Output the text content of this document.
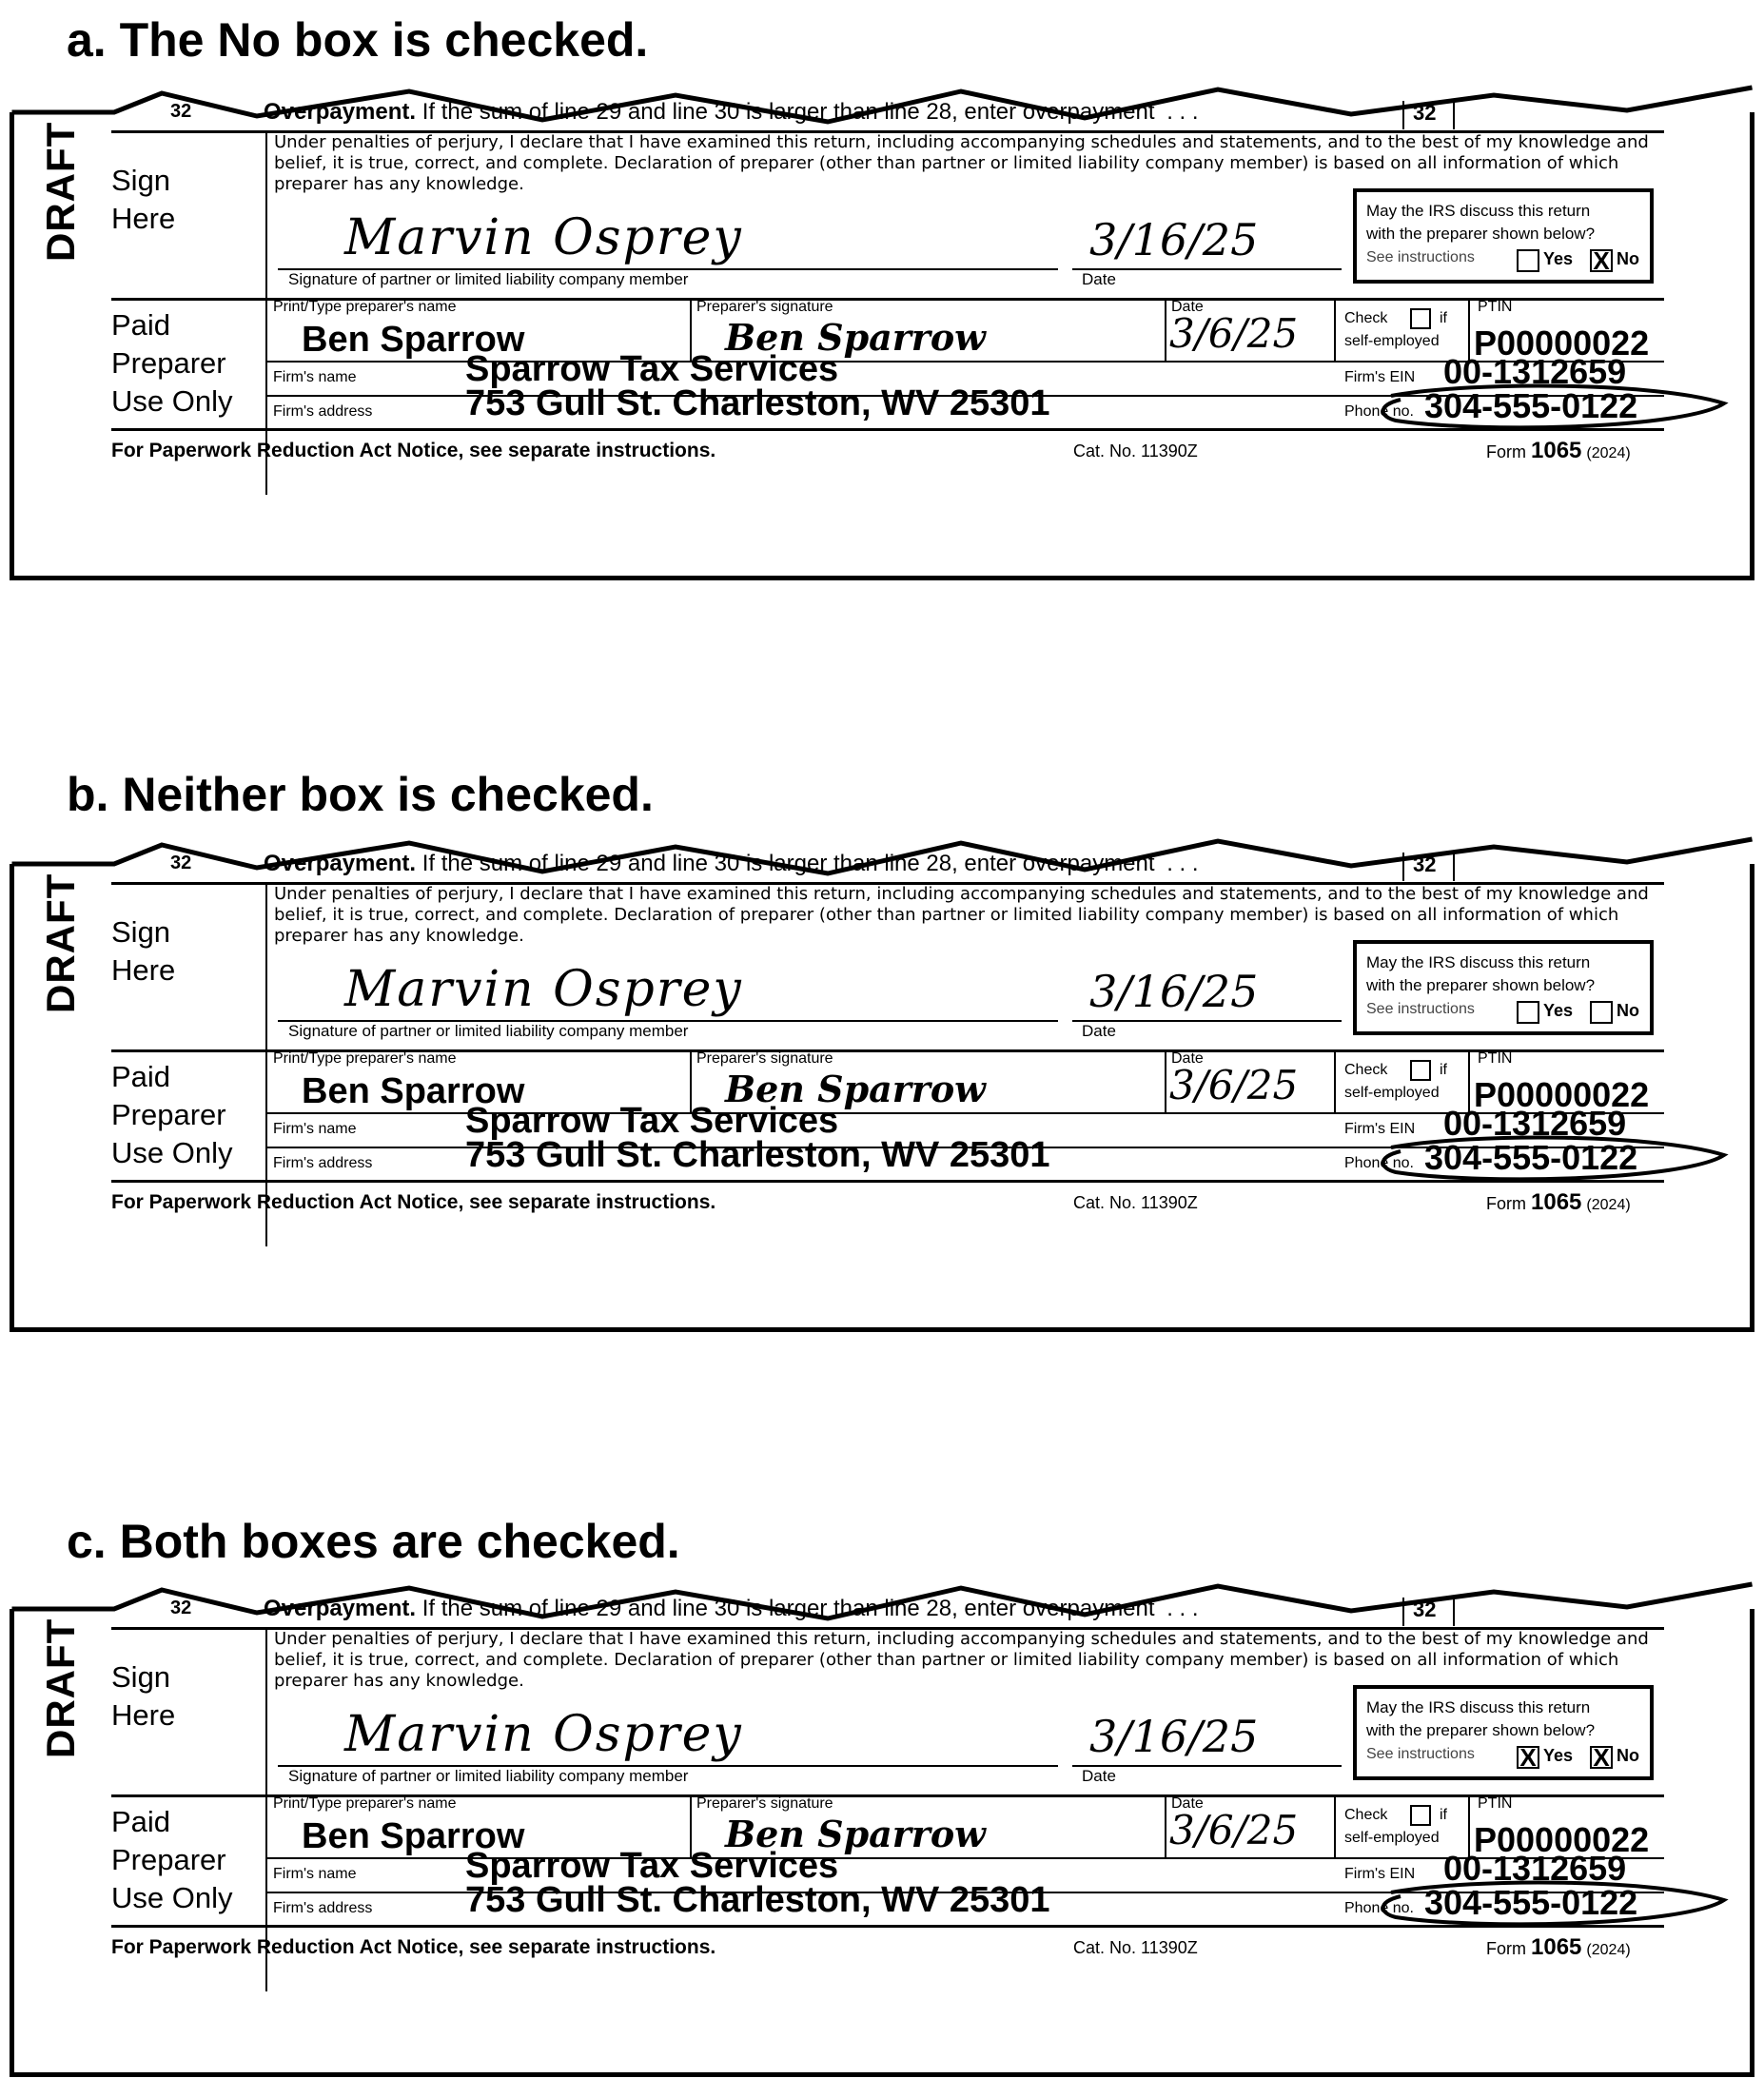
a. The No box is checked.
DRAFT
32	Overpayment. If the sum of line 29 and line 30 is larger than line 28, enter overpayment . . .	32
Sign
Here
Under penalties of perjury, I declare that I have examined this return, including accompanying schedules and statements, and to the best of my knowledge and belief, it is true, correct, and complete. Declaration of preparer (other than partner or limited liability company member) is based on all information of which preparer has any knowledge.
Marvin Osprey
Signature of partner or limited liability company member
3/16/25
Date
May the IRS discuss this return
with the preparer shown below?
See instructions	Yes X No
Paid
Preparer
Use Only
Print/Type preparer's name
Ben Sparrow
Preparer's signature
Ben Sparrow
Date
3/6/25	Check	if
self-employed
PTIN
P00000022
Firm's name	Sparrow Tax Services	Firm's EIN 00-1312659
Firm's address	753 Gull St. Charleston, WV 25301	Phone no. 304-555-0122
For Paperwork Reduction Act Notice, see separate instructions.	Cat. No. 11390Z	Form 1065 (2024)
b. Neither box is checked.
DRAFT
32	Overpayment. If the sum of line 29 and line 30 is larger than line 28, enter overpayment . . .	32
Sign
Here
Under penalties of perjury, I declare that I have examined this return, including accompanying schedules and statements, and to the best of my knowledge and belief, it is true, correct, and complete. Declaration of preparer (other than partner or limited liability company member) is based on all information of which preparer has any knowledge.
Marvin Osprey
Signature of partner or limited liability company member
3/16/25
Date
May the IRS discuss this return
with the preparer shown below?
See instructions	Yes	No
Paid
Preparer
Use Only
Print/Type preparer's name
Ben Sparrow
Preparer's signature
Ben Sparrow
Date
3/6/25	Check	if
self-employed
PTIN
P00000022
Firm's name	Sparrow Tax Services	Firm's EIN 00-1312659
Firm's address	753 Gull St. Charleston, WV 25301	Phone no. 304-555-0122
For Paperwork Reduction Act Notice, see separate instructions.	Cat. No. 11390Z	Form 1065 (2024)
c. Both boxes are checked.
DRAFT
32	Overpayment. If the sum of line 29 and line 30 is larger than line 28, enter overpayment . . .	32
Sign
Here
Under penalties of perjury, I declare that I have examined this return, including accompanying schedules and statements, and to the best of my knowledge and belief, it is true, correct, and complete. Declaration of preparer (other than partner or limited liability company member) is based on all information of which preparer has any knowledge.
Marvin Osprey
Signature of partner or limited liability company member
3/16/25
Date
May the IRS discuss this return
with the preparer shown below?
See instructions X Yes X No
Paid
Preparer
Use Only
Print/Type preparer's name
Ben Sparrow
Preparer's signature
Ben Sparrow
Date
3/6/25	Check	if
self-employed
PTIN
P00000022
Firm's name	Sparrow Tax Services	Firm's EIN 00-1312659
Firm's address	753 Gull St. Charleston, WV 25301	Phone no. 304-555-0122
For Paperwork Reduction Act Notice, see separate instructions.	Cat. No. 11390Z	Form 1065 (2024)
